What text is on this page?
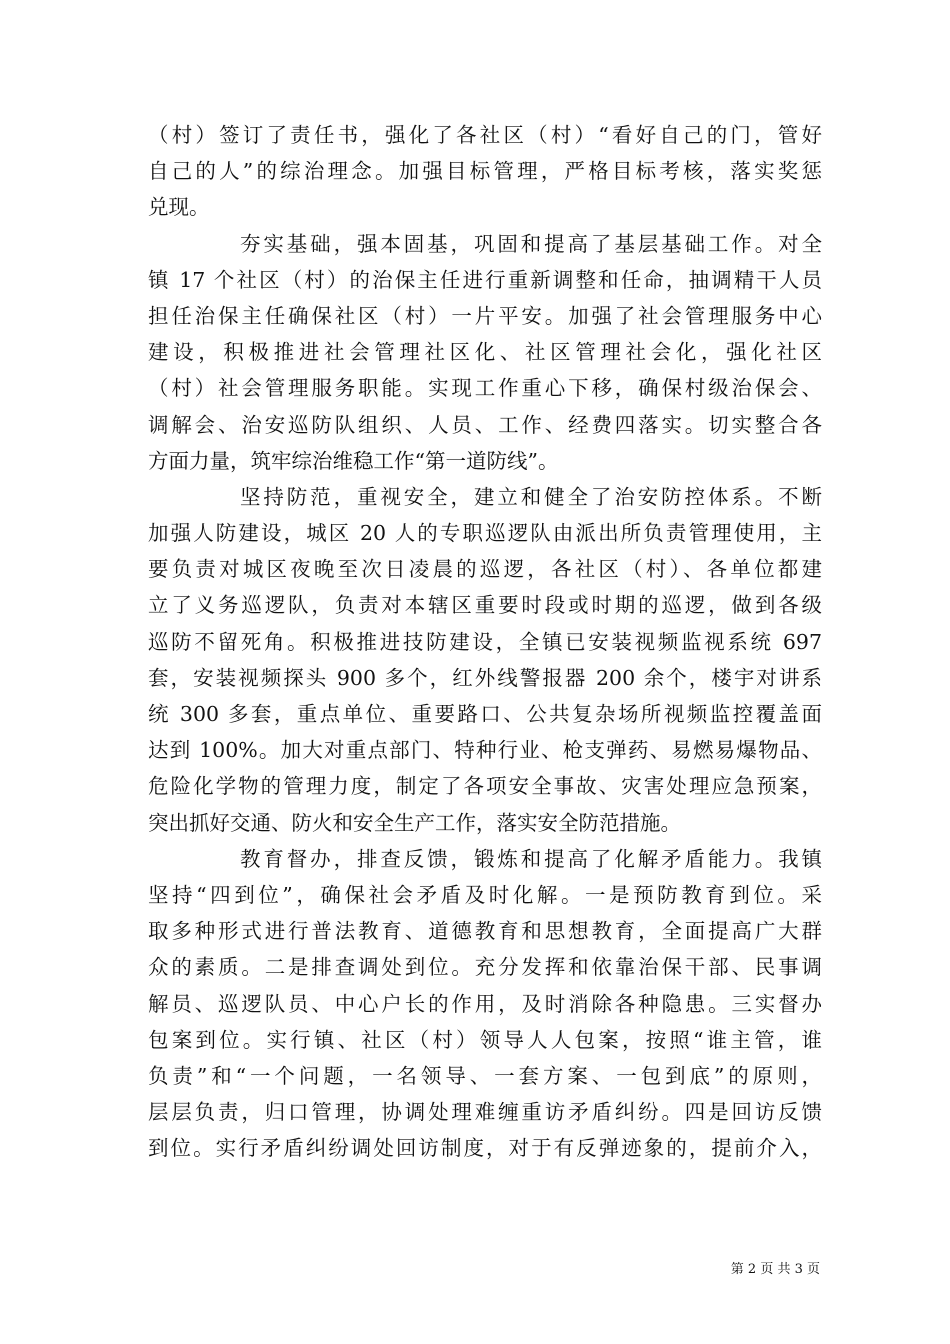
（村）签订了责任书，强化了各社区（村）“看好自己的门，管好
自己的人”的综治理念。加强目标管理，严格目标考核，落实奖惩
兑现。
夯实基础，强本固基，巩固和提高了基层基础工作。对全
镇 17 个社区（村）的治保主任进行重新调整和任命，抽调精干人员
担任治保主任确保社区（村）一片平安。加强了社会管理服务中心
建设，积极推进社会管理社区化、社区管理社会化，强化社区
（村）社会管理服务职能。实现工作重心下移，确保村级治保会、
调解会、治安巡防队组织、人员、工作、经费四落实。切实整合各
方面力量，筑牢综治维稳工作“第一道防线”。
坚持防范，重视安全，建立和健全了治安防控体系。不断
加强人防建设，城区 20 人的专职巡逻队由派出所负责管理使用，主
要负责对城区夜晚至次日凌晨的巡逻，各社区（村）、各单位都建
立了义务巡逻队，负责对本辖区重要时段或时期的巡逻，做到各级
巡防不留死角。积极推进技防建设，全镇已安装视频监视系统 697
套，安装视频探头 900 多个，红外线警报器 200 余个，楼宇对讲系
统 300 多套，重点单位、重要路口、公共复杂场所视频监控覆盖面
达到 100%。加大对重点部门、特种行业、枪支弹药、易燃易爆物品、
危险化学物的管理力度，制定了各项安全事故、灾害处理应急预案，
突出抓好交通、防火和安全生产工作，落实安全防范措施。
教育督办，排查反馈，锻炼和提高了化解矛盾能力。我镇
坚持“四到位”，确保社会矛盾及时化解。一是预防教育到位。采
取多种形式进行普法教育、道德教育和思想教育，全面提高广大群
众的素质。二是排查调处到位。充分发挥和依靠治保干部、民事调
解员、巡逻队员、中心户长的作用，及时消除各种隐患。三实督办
包案到位。实行镇、社区（村）领导人人包案，按照“谁主管，谁
负责”和“一个问题，一名领导、一套方案、一包到底”的原则，
层层负责，归口管理，协调处理难缠重访矛盾纠纷。四是回访反馈
到位。实行矛盾纠纷调处回访制度，对于有反弹迹象的，提前介入，
第 2 页 共 3 页
